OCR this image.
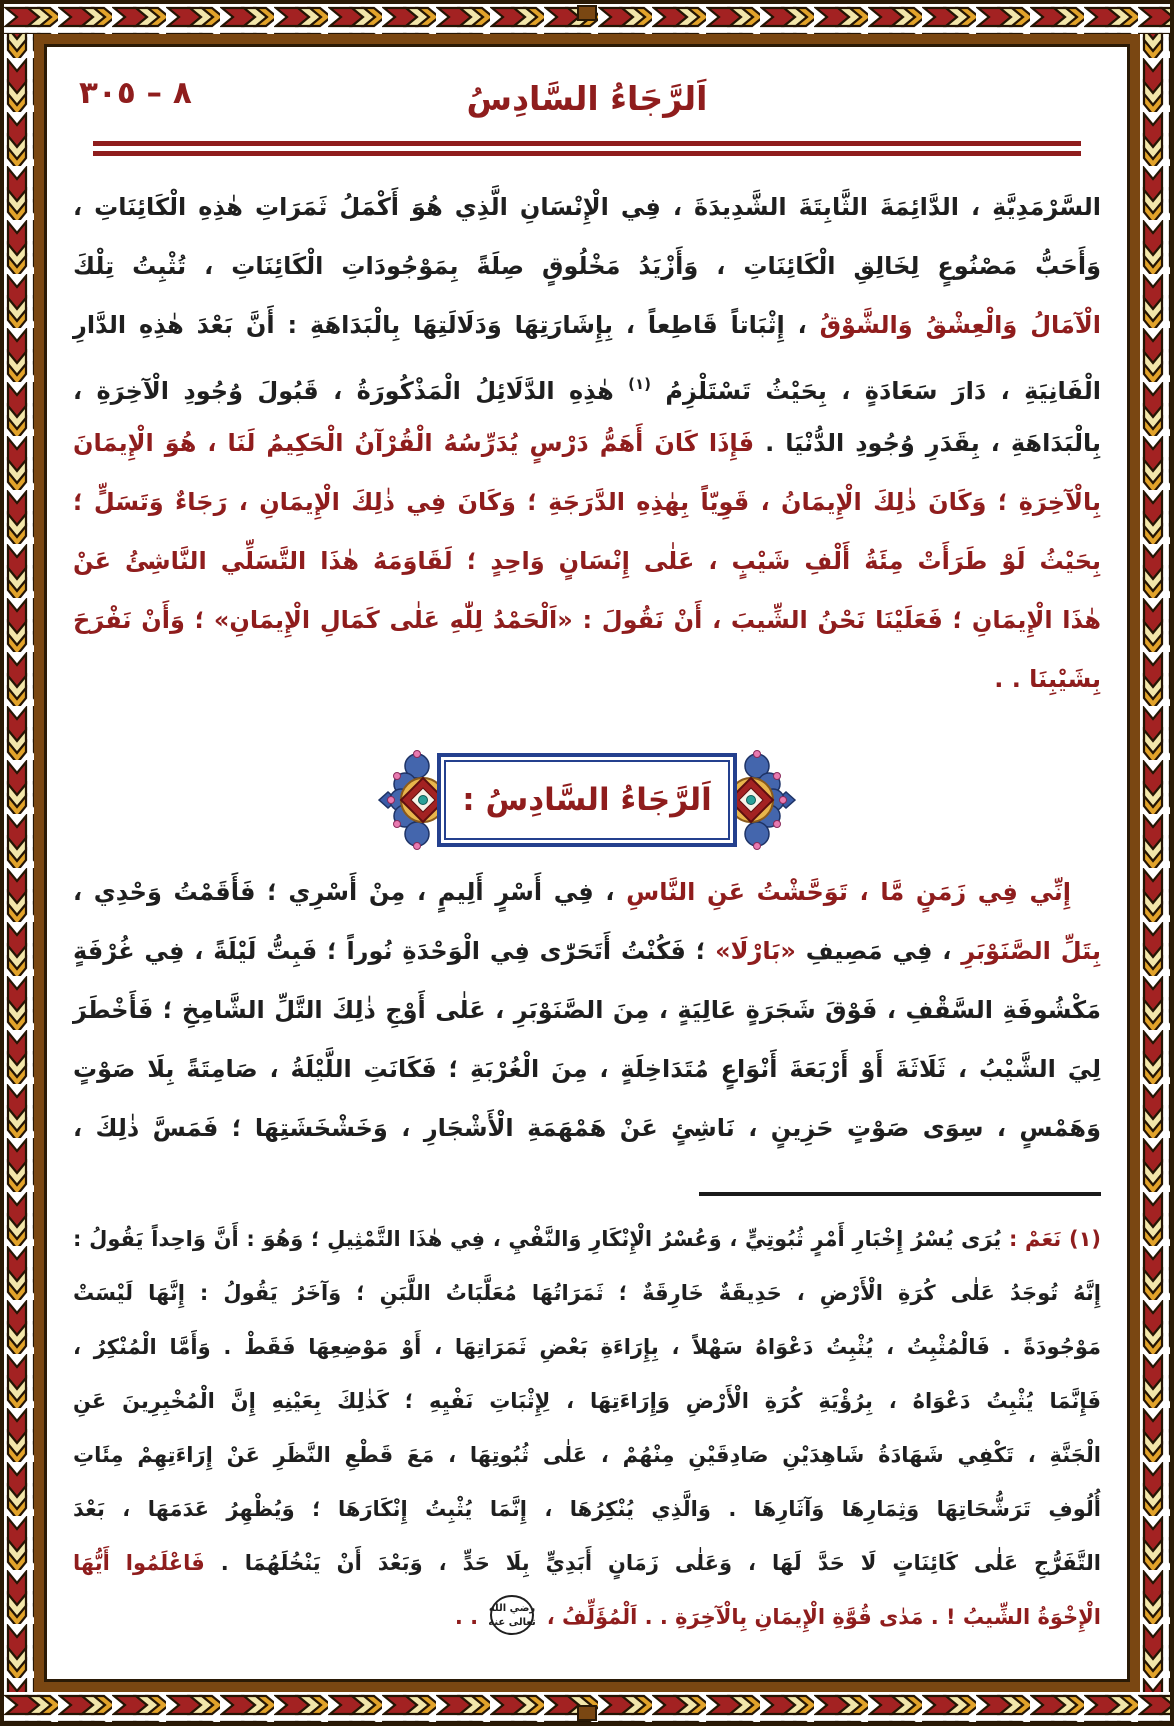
٨ – ٣٠٥	اَلرَّجَاءُ السَّادِسُ
السَّرْمَدِيَّةِ ، الدَّائِمَةَ الثَّابِتَةَ الشَّدِيدَةَ ، فِي الْإِنْسَانِ الَّذِي هُوَ أَكْمَلُ ثَمَرَاتِ هٰذِهِ الْكَائِنَاتِ ،
وَأَحَبُّ مَصْنُوعٍ لِخَالِقِ الْكَائِنَاتِ ، وَأَزْيَدُ مَخْلُوقٍ صِلَةً بِمَوْجُودَاتِ الْكَائِنَاتِ ، تُثْبِتُ تِلْكَ
الْآمَالُ وَالْعِشْقُ وَالشَّوْقُ ، إِثْبَاتاً قَاطِعاً ، بِإِشَارَتِهَا وَدَلَالَتِهَا بِالْبَدَاهَةِ : أَنَّ بَعْدَ هٰذِهِ الدَّارِ
الْفَانِيَةِ ، دَارَ سَعَادَةٍ ، بِحَيْثُ تَسْتَلْزِمُ $^{(١)}$ هٰذِهِ الدَّلَائِلُ الْمَذْكُورَةُ ، قَبُولَ وُجُودِ الْآخِرَةِ ،
بِالْبَدَاهَةِ ، بِقَدَرِ وُجُودِ الدُّنْيَا . فَإِذَا كَانَ أَهَمُّ دَرْسٍ يُدَرِّسُهُ الْقُرْآنُ الْحَكِيمُ لَنَا ، هُوَ الْإِيمَانَ
بِالْآخِرَةِ ؛ وَكَانَ ذٰلِكَ الْإِيمَانُ ، قَوِيّاً بِهٰذِهِ الدَّرَجَةِ ؛ وَكَانَ فِي ذٰلِكَ الْإِيمَانِ ، رَجَاءٌ وَتَسَلٍّ ؛
بِحَيْثُ لَوْ طَرَأَتْ مِئَةُ أَلْفِ شَيْبٍ ، عَلٰى إِنْسَانٍ وَاحِدٍ ؛ لَقَاوَمَهُ هٰذَا التَّسَلِّي النَّاشِئُ عَنْ
هٰذَا الْإِيمَانِ ؛ فَعَلَيْنَا نَحْنُ الشِّيبَ ، أَنْ نَقُولَ : «اَلْحَمْدُ لِلّٰهِ عَلٰى كَمَالِ الْإِيمَانِ» ؛ وَأَنْ نَفْرَحَ
بِشَيْبِنَا . .
اَلرَّجَاءُ السَّادِسُ :
إِنِّي فِي زَمَنٍ مَّا ، تَوَحَّشْتُ عَنِ النَّاسِ ، فِي أَسْرٍ أَلِيمٍ ، مِنْ أَسْرِي ؛ فَأَقَمْتُ وَحْدِي ،
بِتَلِّ الصَّنَوْبَرِ ، فِي مَصِيفِ «بَارْلَا» ؛ فَكُنْتُ أَتَحَرّٰى فِي الْوَحْدَةِ نُوراً ؛ فَبِتُّ لَيْلَةً ، فِي غُرْفَةٍ
مَكْشُوفَةِ السَّقْفِ ، فَوْقَ شَجَرَةٍ عَالِيَةٍ ، مِنَ الصَّنَوْبَرِ ، عَلٰى أَوْجِ ذٰلِكَ التَّلِّ الشَّامِخِ ؛ فَأَخْطَرَ
لِيَ الشَّيْبُ ، ثَلَاثَةَ أَوْ أَرْبَعَةَ أَنْوَاعٍ مُتَدَاخِلَةٍ ، مِنَ الْغُرْبَةِ ؛ فَكَانَتِ اللَّيْلَةُ ، صَامِتَةً بِلَا صَوْتٍ
وَهَمْسٍ ، سِوَى صَوْتٍ حَزِينٍ ، نَاشِئٍ عَنْ هَمْهَمَةِ الْأَشْجَارِ ، وَخَشْخَشَتِهَا ؛ فَمَسَّ ذٰلِكَ ،
(١) نَعَمْ : يُرَى يُسْرُ إِخْبَارِ أَمْرٍ ثُبُوتِيٍّ ، وَعُسْرُ الْإِنْكَارِ وَالنَّفْيِ ، فِي هٰذَا التَّمْثِيلِ ؛ وَهُوَ : أَنَّ وَاحِداً يَقُولُ :
إِنَّهُ تُوجَدُ عَلٰى كُرَةِ الْأَرْضِ ، حَدِيقَةٌ خَارِقَةٌ ؛ ثَمَرَاتُهَا مُعَلَّبَاتُ اللَّبَنِ ؛ وَآخَرُ يَقُولُ : إِنَّهَا لَيْسَتْ
مَوْجُودَةً . فَالْمُثْبِتُ ، يُثْبِتُ دَعْوَاهُ سَهْلاً ، بِإِرَاءَةِ بَعْضِ ثَمَرَاتِهَا ، أَوْ مَوْضِعِهَا فَقَطْ . وَأَمَّا الْمُنْكِرُ ،
فَإِنَّمَا يُثْبِتُ دَعْوَاهُ ، بِرُؤْيَةِ كُرَةِ الْأَرْضِ وَإِرَاءَتِهَا ، لِإِثْبَاتِ نَفْيِهِ ؛ كَذٰلِكَ بِعَيْنِهِ إِنَّ الْمُخْبِرِينَ عَنِ
الْجَنَّةِ ، تَكْفِي شَهَادَةُ شَاهِدَيْنِ صَادِقَيْنِ مِنْهُمْ ، عَلٰى ثُبُوتِهَا ، مَعَ قَطْعِ النَّظَرِ عَنْ إِرَاءَتِهِمْ مِئَاتِ
أُلُوفِ تَرَشُّحَاتِهَا وَثِمَارِهَا وَآثَارِهَا . وَالَّذِي يُنْكِرُهَا ، إِنَّمَا يُثْبِتُ إِنْكَارَهَا ؛ وَيُظْهِرُ عَدَمَهَا ، بَعْدَ
التَّفَرُّجِ عَلٰى كَائِنَاتٍ لَا حَدَّ لَهَا ، وَعَلٰى زَمَانٍ أَبَدِيٍّ بِلَا حَدٍّ ، وَبَعْدَ أَنْ يَنْخُلَهُمَا . فَاعْلَمُوا أَيُّهَا
الْإِخْوَةُ الشِّيبُ ! . مَدٰى قُوَّةِ الْإِيمَانِ بِالْآخِرَةِ . . اَلْمُؤَلِّفُ ،
رضي الله
تعالى عنه
. .
